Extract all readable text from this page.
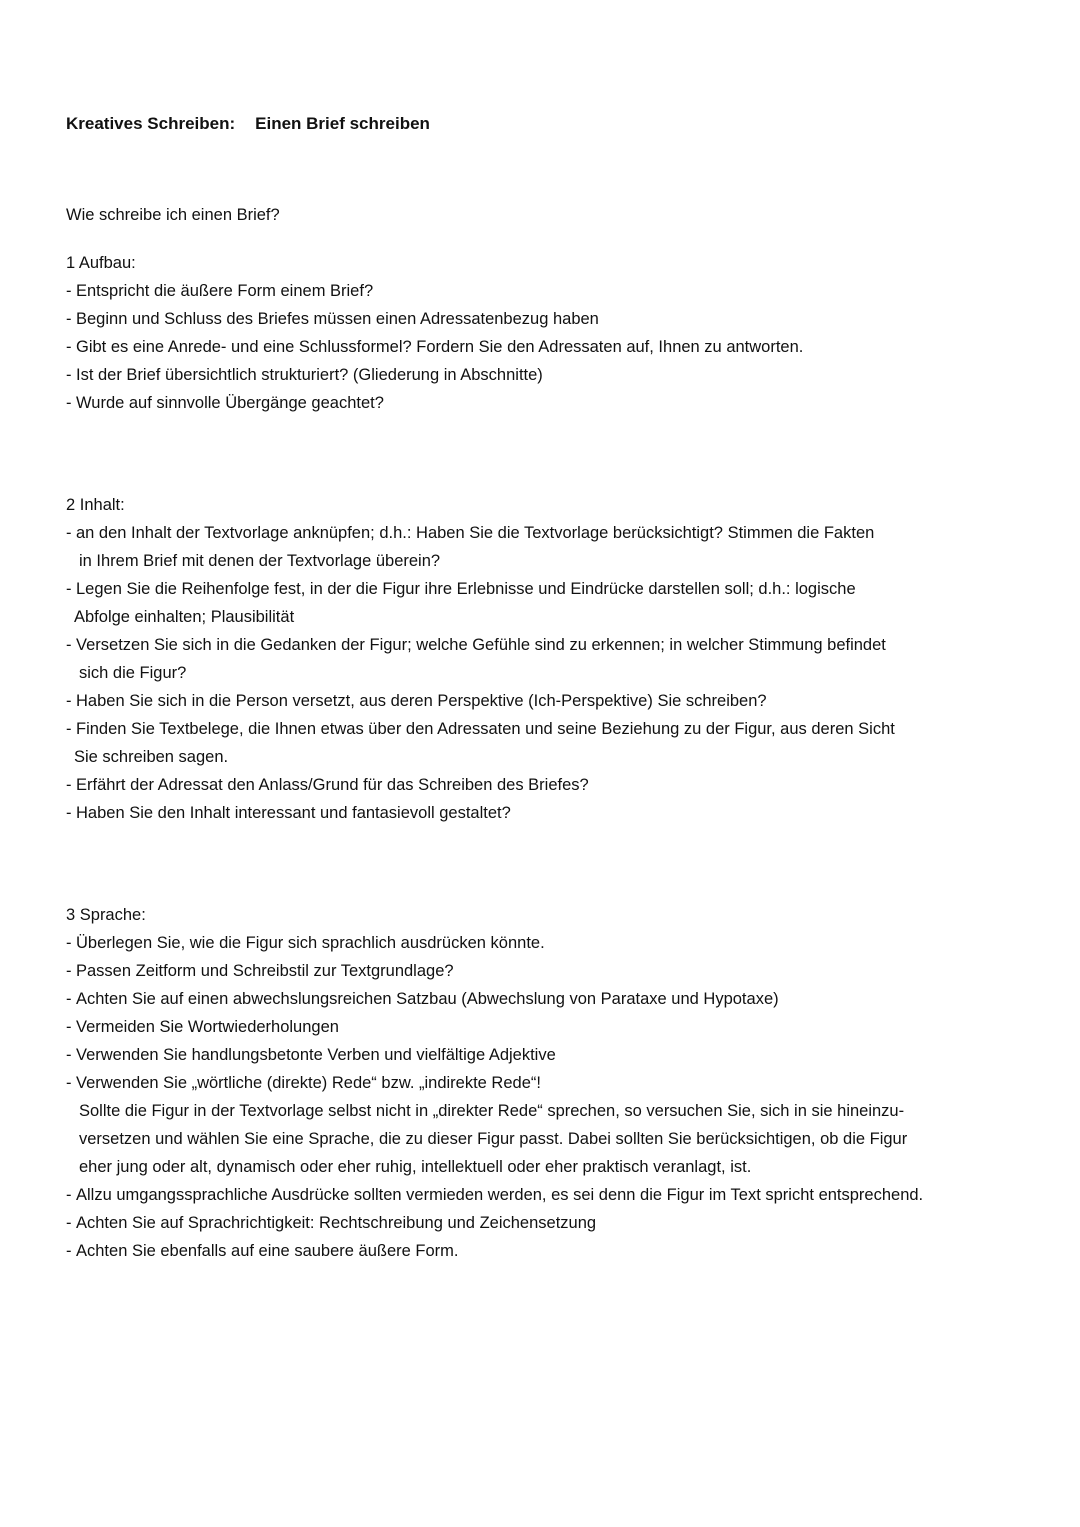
Kreatives Schreiben: Einen Brief schreiben
Wie schreibe ich einen Brief?
1 Aufbau:
- Entspricht die äußere Form einem Brief?
- Beginn und Schluss des Briefes müssen einen Adressatenbezug haben
- Gibt es eine Anrede- und eine Schlussformel? Fordern Sie den Adressaten auf, Ihnen zu antworten.
- Ist der Brief übersichtlich strukturiert? (Gliederung in Abschnitte)
- Wurde auf sinnvolle Übergänge geachtet?
2 Inhalt:
- an den Inhalt der Textvorlage anknüpfen; d.h.: Haben Sie die Textvorlage berücksichtigt? Stimmen die Fakten
in Ihrem Brief mit denen der Textvorlage überein?
- Legen Sie die Reihenfolge fest, in der die Figur ihre Erlebnisse und Eindrücke darstellen soll; d.h.: logische
Abfolge einhalten; Plausibilität
- Versetzen Sie sich in die Gedanken der Figur; welche Gefühle sind zu erkennen; in welcher Stimmung befindet
sich die Figur?
- Haben Sie sich in die Person versetzt, aus deren Perspektive (Ich-Perspektive) Sie schreiben?
- Finden Sie Textbelege, die Ihnen etwas über den Adressaten und seine Beziehung zu der Figur, aus deren Sicht
Sie schreiben sagen.
- Erfährt der Adressat den Anlass/Grund für das Schreiben des Briefes?
- Haben Sie den Inhalt interessant und fantasievoll gestaltet?
3 Sprache:
- Überlegen Sie, wie die Figur sich sprachlich ausdrücken könnte.
- Passen Zeitform und Schreibstil zur Textgrundlage?
- Achten Sie auf einen abwechslungsreichen Satzbau (Abwechslung von Parataxe und Hypotaxe)
- Vermeiden Sie Wortwiederholungen
- Verwenden Sie handlungsbetonte Verben und vielfältige Adjektive
- Verwenden Sie „wörtliche (direkte) Rede“ bzw. „indirekte Rede“!
Sollte die Figur in der Textvorlage selbst nicht in „direkter Rede“ sprechen, so versuchen Sie, sich in sie hineinzu-
versetzen und wählen Sie eine Sprache, die zu dieser Figur passt. Dabei sollten Sie berücksichtigen, ob die Figur
eher jung oder alt, dynamisch oder eher ruhig, intellektuell oder eher praktisch veranlagt, ist.
- Allzu umgangssprachliche Ausdrücke sollten vermieden werden, es sei denn die Figur im Text spricht entsprechend.
- Achten Sie auf Sprachrichtigkeit: Rechtschreibung und Zeichensetzung
- Achten Sie ebenfalls auf eine saubere äußere Form.
